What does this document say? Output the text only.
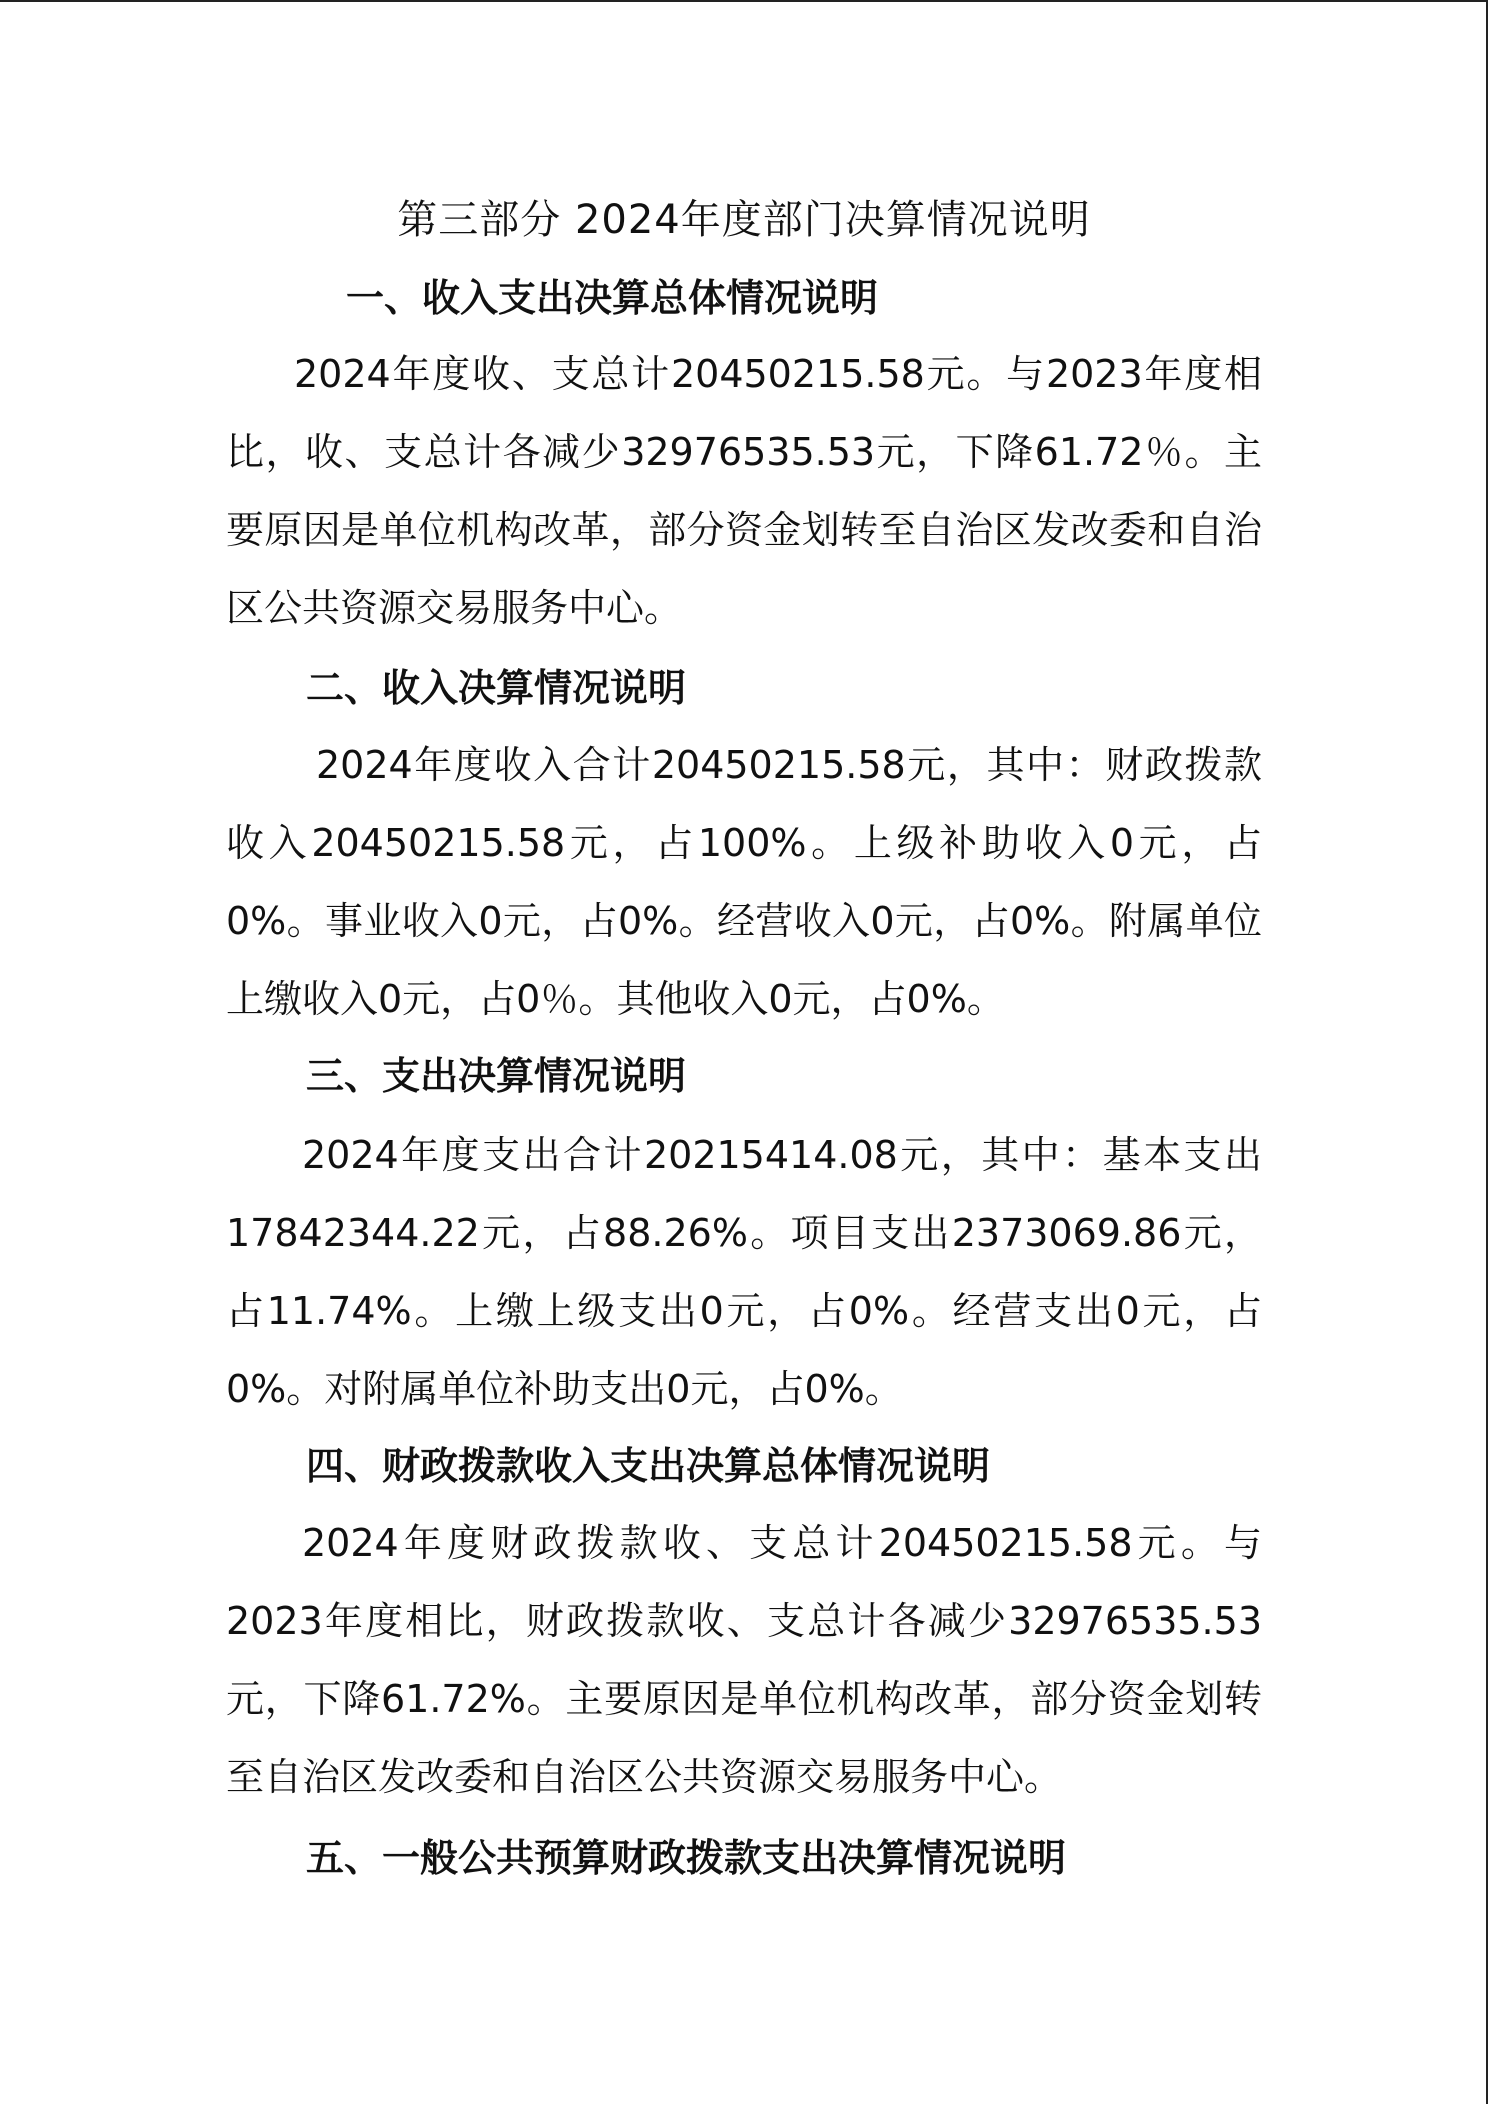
第三部分 2024年度部门决算情况说明
一、收入支出决算总体情况说明

2024年度收、支总计20450215.58元。与2023年度相比，收、支总计各减少32976535.53元，下降61.72％。主要原因是单位机构改革，部分资金划转至自治区发改委和自治区公共资源交易服务中心。

二、收入决算情况说明

2024年度收入合计20450215.58元，其中：财政拨款收入20450215.58元，占100%。上级补助收入0元，占0%。事业收入0元，占0%。经营收入0元，占0%。附属单位上缴收入0元，占0％。其他收入0元，占0%。

三、支出决算情况说明

2024年度支出合计20215414.08元，其中：基本支出17842344.22元，占88.26%。项目支出2373069.86元，占11.74%。上缴上级支出0元，占0%。经营支出0元，占0%。对附属单位补助支出0元，占0%。

四、财政拨款收入支出决算总体情况说明

2024年度财政拨款收、支总计20450215.58元。与2023年度相比，财政拨款收、支总计各减少32976535.53元，下降61.72%。主要原因是单位机构改革，部分资金划转至自治区发改委和自治区公共资源交易服务中心。

五、一般公共预算财政拨款支出决算情况说明
